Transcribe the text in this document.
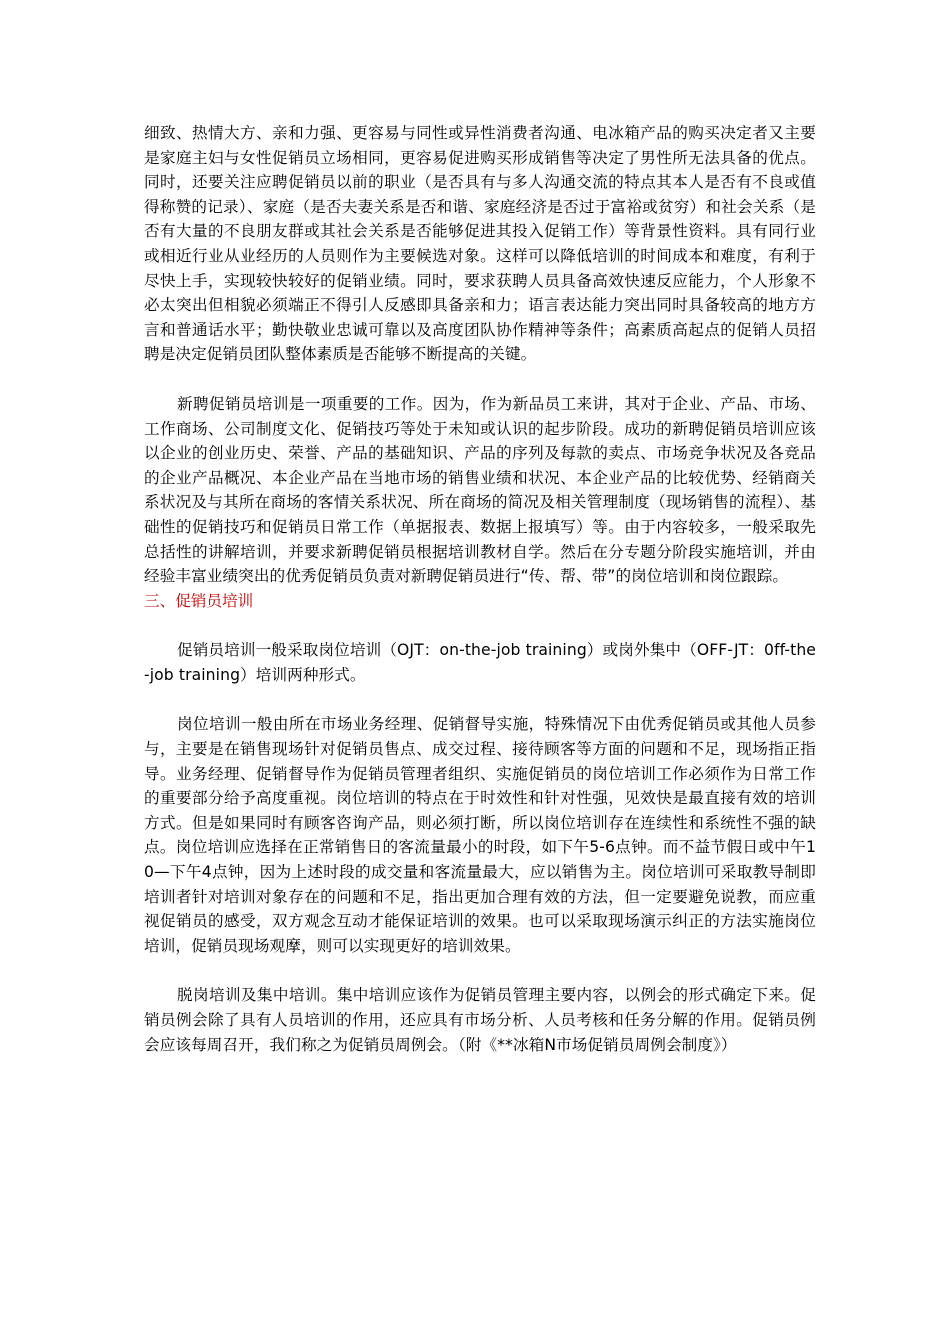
细致、热情大方、亲和力强、更容易与同性或异性消费者沟通、电冰箱产品的购买决定者又主要是家庭主妇与女性促销员立场相同，更容易促进购买形成销售等决定了男性所无法具备的优点。同时，还要关注应聘促销员以前的职业（是否具有与多人沟通交流的特点其本人是否有不良或值得称赞的记录）、家庭（是否夫妻关系是否和谐、家庭经济是否过于富裕或贫穷）和社会关系（是否有大量的不良朋友群或其社会关系是否能够促进其投入促销工作）等背景性资料。具有同行业或相近行业从业经历的人员则作为主要候选对象。这样可以降低培训的时间成本和难度，有利于尽快上手，实现较快较好的促销业绩。同时，要求获聘人员具备高效快速反应能力，个人形象不必太突出但相貌必须端正不得引人反感即具备亲和力；语言表达能力突出同时具备较高的地方方言和普通话水平；勤快敬业忠诚可靠以及高度团队协作精神等条件；高素质高起点的促销人员招聘是决定促销员团队整体素质是否能够不断提高的关键。

新聘促销员培训是一项重要的工作。因为，作为新品员工来讲，其对于企业、产品、市场、工作商场、公司制度文化、促销技巧等处于未知或认识的起步阶段。成功的新聘促销员培训应该以企业的创业历史、荣誉、产品的基础知识、产品的序列及每款的卖点、市场竞争状况及各竞品的企业产品概况、本企业产品在当地市场的销售业绩和状况、本企业产品的比较优势、经销商关系状况及与其所在商场的客情关系状况、所在商场的简况及相关管理制度（现场销售的流程）、基础性的促销技巧和促销员日常工作（单据报表、数据上报填写）等。由于内容较多，一般采取先总括性的讲解培训，并要求新聘促销员根据培训教材自学。然后在分专题分阶段实施培训，并由经验丰富业绩突出的优秀促销员负责对新聘促销员进行“传、帮、带”的岗位培训和岗位跟踪。

三、促销员培训

促销员培训一般采取岗位培训（OJT：on-the-job training）或岗外集中（OFF-JT：0ff-the-job training）培训两种形式。

岗位培训一般由所在市场业务经理、促销督导实施，特殊情况下由优秀促销员或其他人员参与，主要是在销售现场针对促销员售点、成交过程、接待顾客等方面的问题和不足，现场指正指导。业务经理、促销督导作为促销员管理者组织、实施促销员的岗位培训工作必须作为日常工作的重要部分给予高度重视。岗位培训的特点在于时效性和针对性强，见效快是最直接有效的培训方式。但是如果同时有顾客咨询产品，则必须打断，所以岗位培训存在连续性和系统性不强的缺点。岗位培训应选择在正常销售日的客流量最小的时段，如下午5-6点钟。而不益节假日或中午10—下午4点钟，因为上述时段的成交量和客流量最大，应以销售为主。岗位培训可采取教导制即培训者针对培训对象存在的问题和不足，指出更加合理有效的方法，但一定要避免说教，而应重视促销员的感受，双方观念互动才能保证培训的效果。也可以采取现场演示纠正的方法实施岗位培训，促销员现场观摩，则可以实现更好的培训效果。

脱岗培训及集中培训。集中培训应该作为促销员管理主要内容，以例会的形式确定下来。促销员例会除了具有人员培训的作用，还应具有市场分析、人员考核和任务分解的作用。促销员例会应该每周召开，我们称之为促销员周例会。（附《**冰箱N市场促销员周例会制度》）
